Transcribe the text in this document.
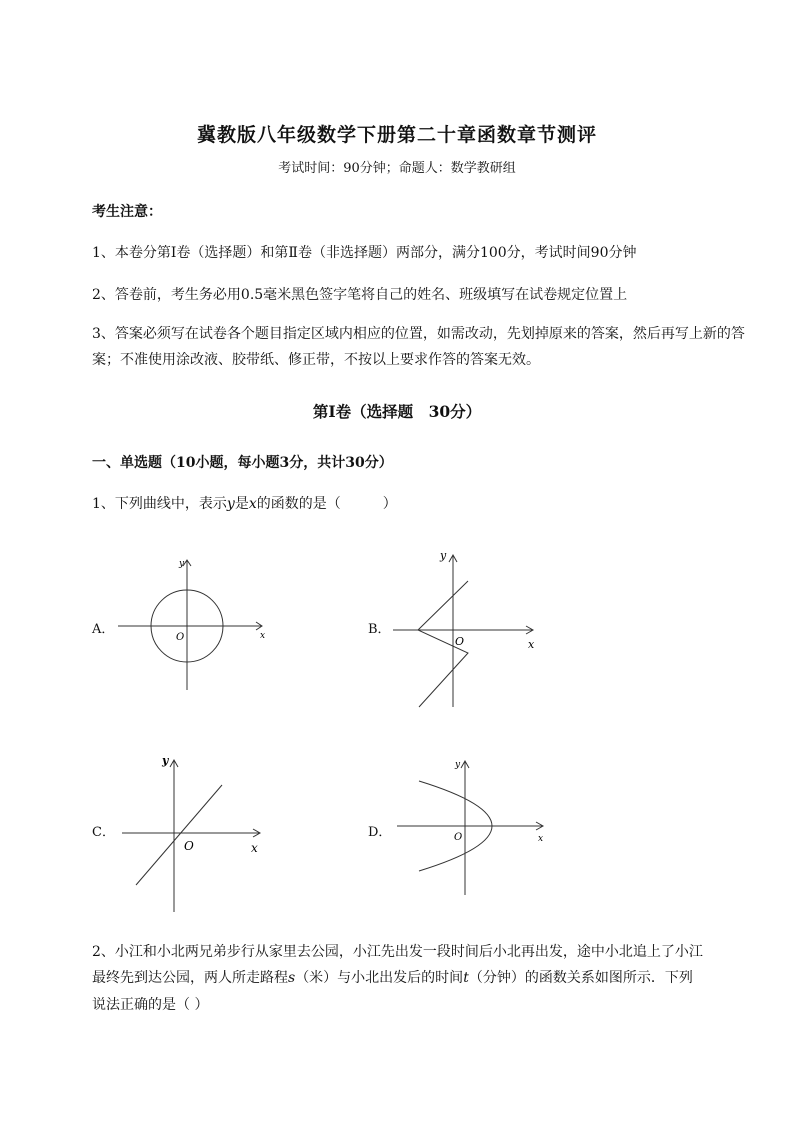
冀教版八年级数学下册第二十章函数章节测评
考试时间：90分钟；命题人：数学教研组
考生注意：
1、本卷分第Ⅰ卷（选择题）和第Ⅱ卷（非选择题）两部分，满分100分，考试时间90分钟
2、答卷前，考生务必用0.5毫米黑色签字笔将自己的姓名、班级填写在试卷规定位置上
3、答案必须写在试卷各个题目指定区域内相应的位置，如需改动，先划掉原来的答案，然后再写上新的答案；不准使用涂改液、胶带纸、修正带，不按以上要求作答的答案无效。
第Ⅰ卷（选择题　30分）
一、单选题（10小题，每小题3分，共计30分）
1、下列曲线中，表示y是x的函数的是（　　　）
A．
O	x
y
B．
O	x
y
C．
O	x
y
D．	O	x
y
2、小江和小北两兄弟步行从家里去公园，小江先出发一段时间后小北再出发，途中小北追上了小江
最终先到达公园，两人所走路程s（米）与小北出发后的时间t（分钟）的函数关系如图所示．下列
说法正确的是（ ）
